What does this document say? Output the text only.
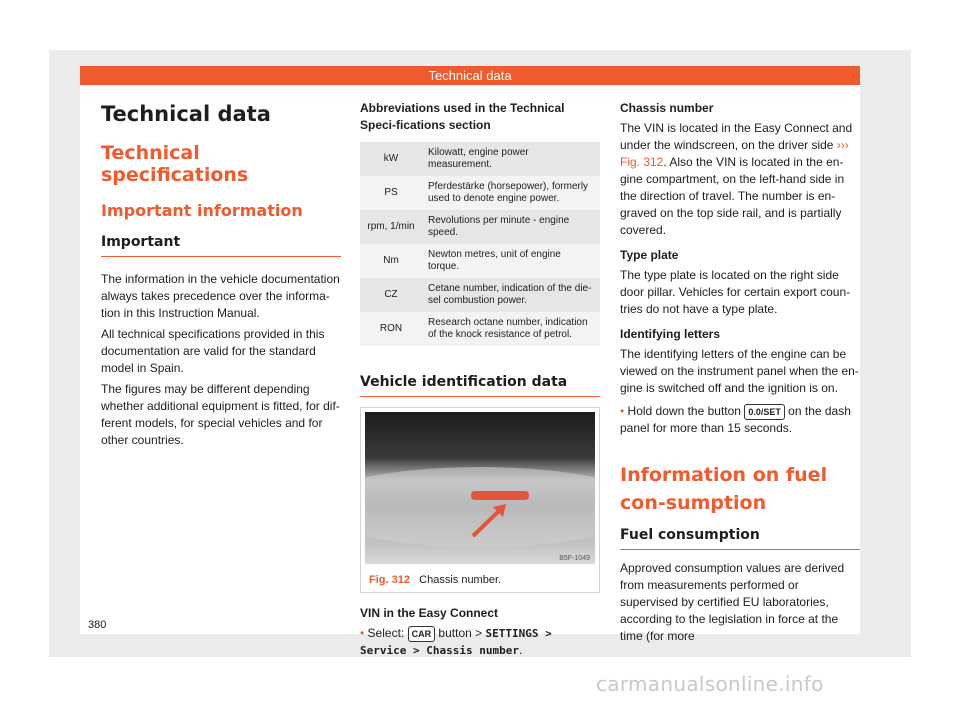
Technical data
Technical data
Technical specifications
Important information
Important

The information in the vehicle documentation always takes precedence over the informa-tion in this Instruction Manual.

All technical specifications provided in this documentation are valid for the standard model in Spain.

The figures may be different depending whether additional equipment is fitted, for dif-ferent models, for special vehicles and for other countries.

Abbreviations used in the Technical Speci-fications section
kW	Kilowatt, engine power measurement.
PS	Pferdestärke (horsepower), formerly used to denote engine power.
rpm, 1/min	Revolutions per minute - engine speed.
Nm	Newton metres, unit of engine torque.
CZ	Cetane number, indication of the die-sel combustion power.
RON	Research octane number, indication of the knock resistance of petrol.
Vehicle identification data
B5F-1049
Fig. 312 Chassis number.
VIN in the Easy Connect

• Select: CAR button > SETTINGS > Service > Chassis number.

Chassis number

The VIN is located in the Easy Connect and under the windscreen, on the driver side ››› Fig. 312. Also the VIN is located in the en-gine compartment, on the left-hand side in the direction of travel. The number is en-graved on the top side rail, and is partially covered.

Type plate

The type plate is located on the right side door pillar. Vehicles for certain export coun-tries do not have a type plate.

Identifying letters

The identifying letters of the engine can be viewed on the instrument panel when the en-gine is switched off and the ignition is on.

• Hold down the button 0.0/SET on the dash panel for more than 15 seconds.

Information on fuel con-sumption
Fuel consumption

Approved consumption values are derived from measurements performed or supervised by certified EU laboratories, according to the legislation in force at the time (for more

380
carmanualsonline.info
